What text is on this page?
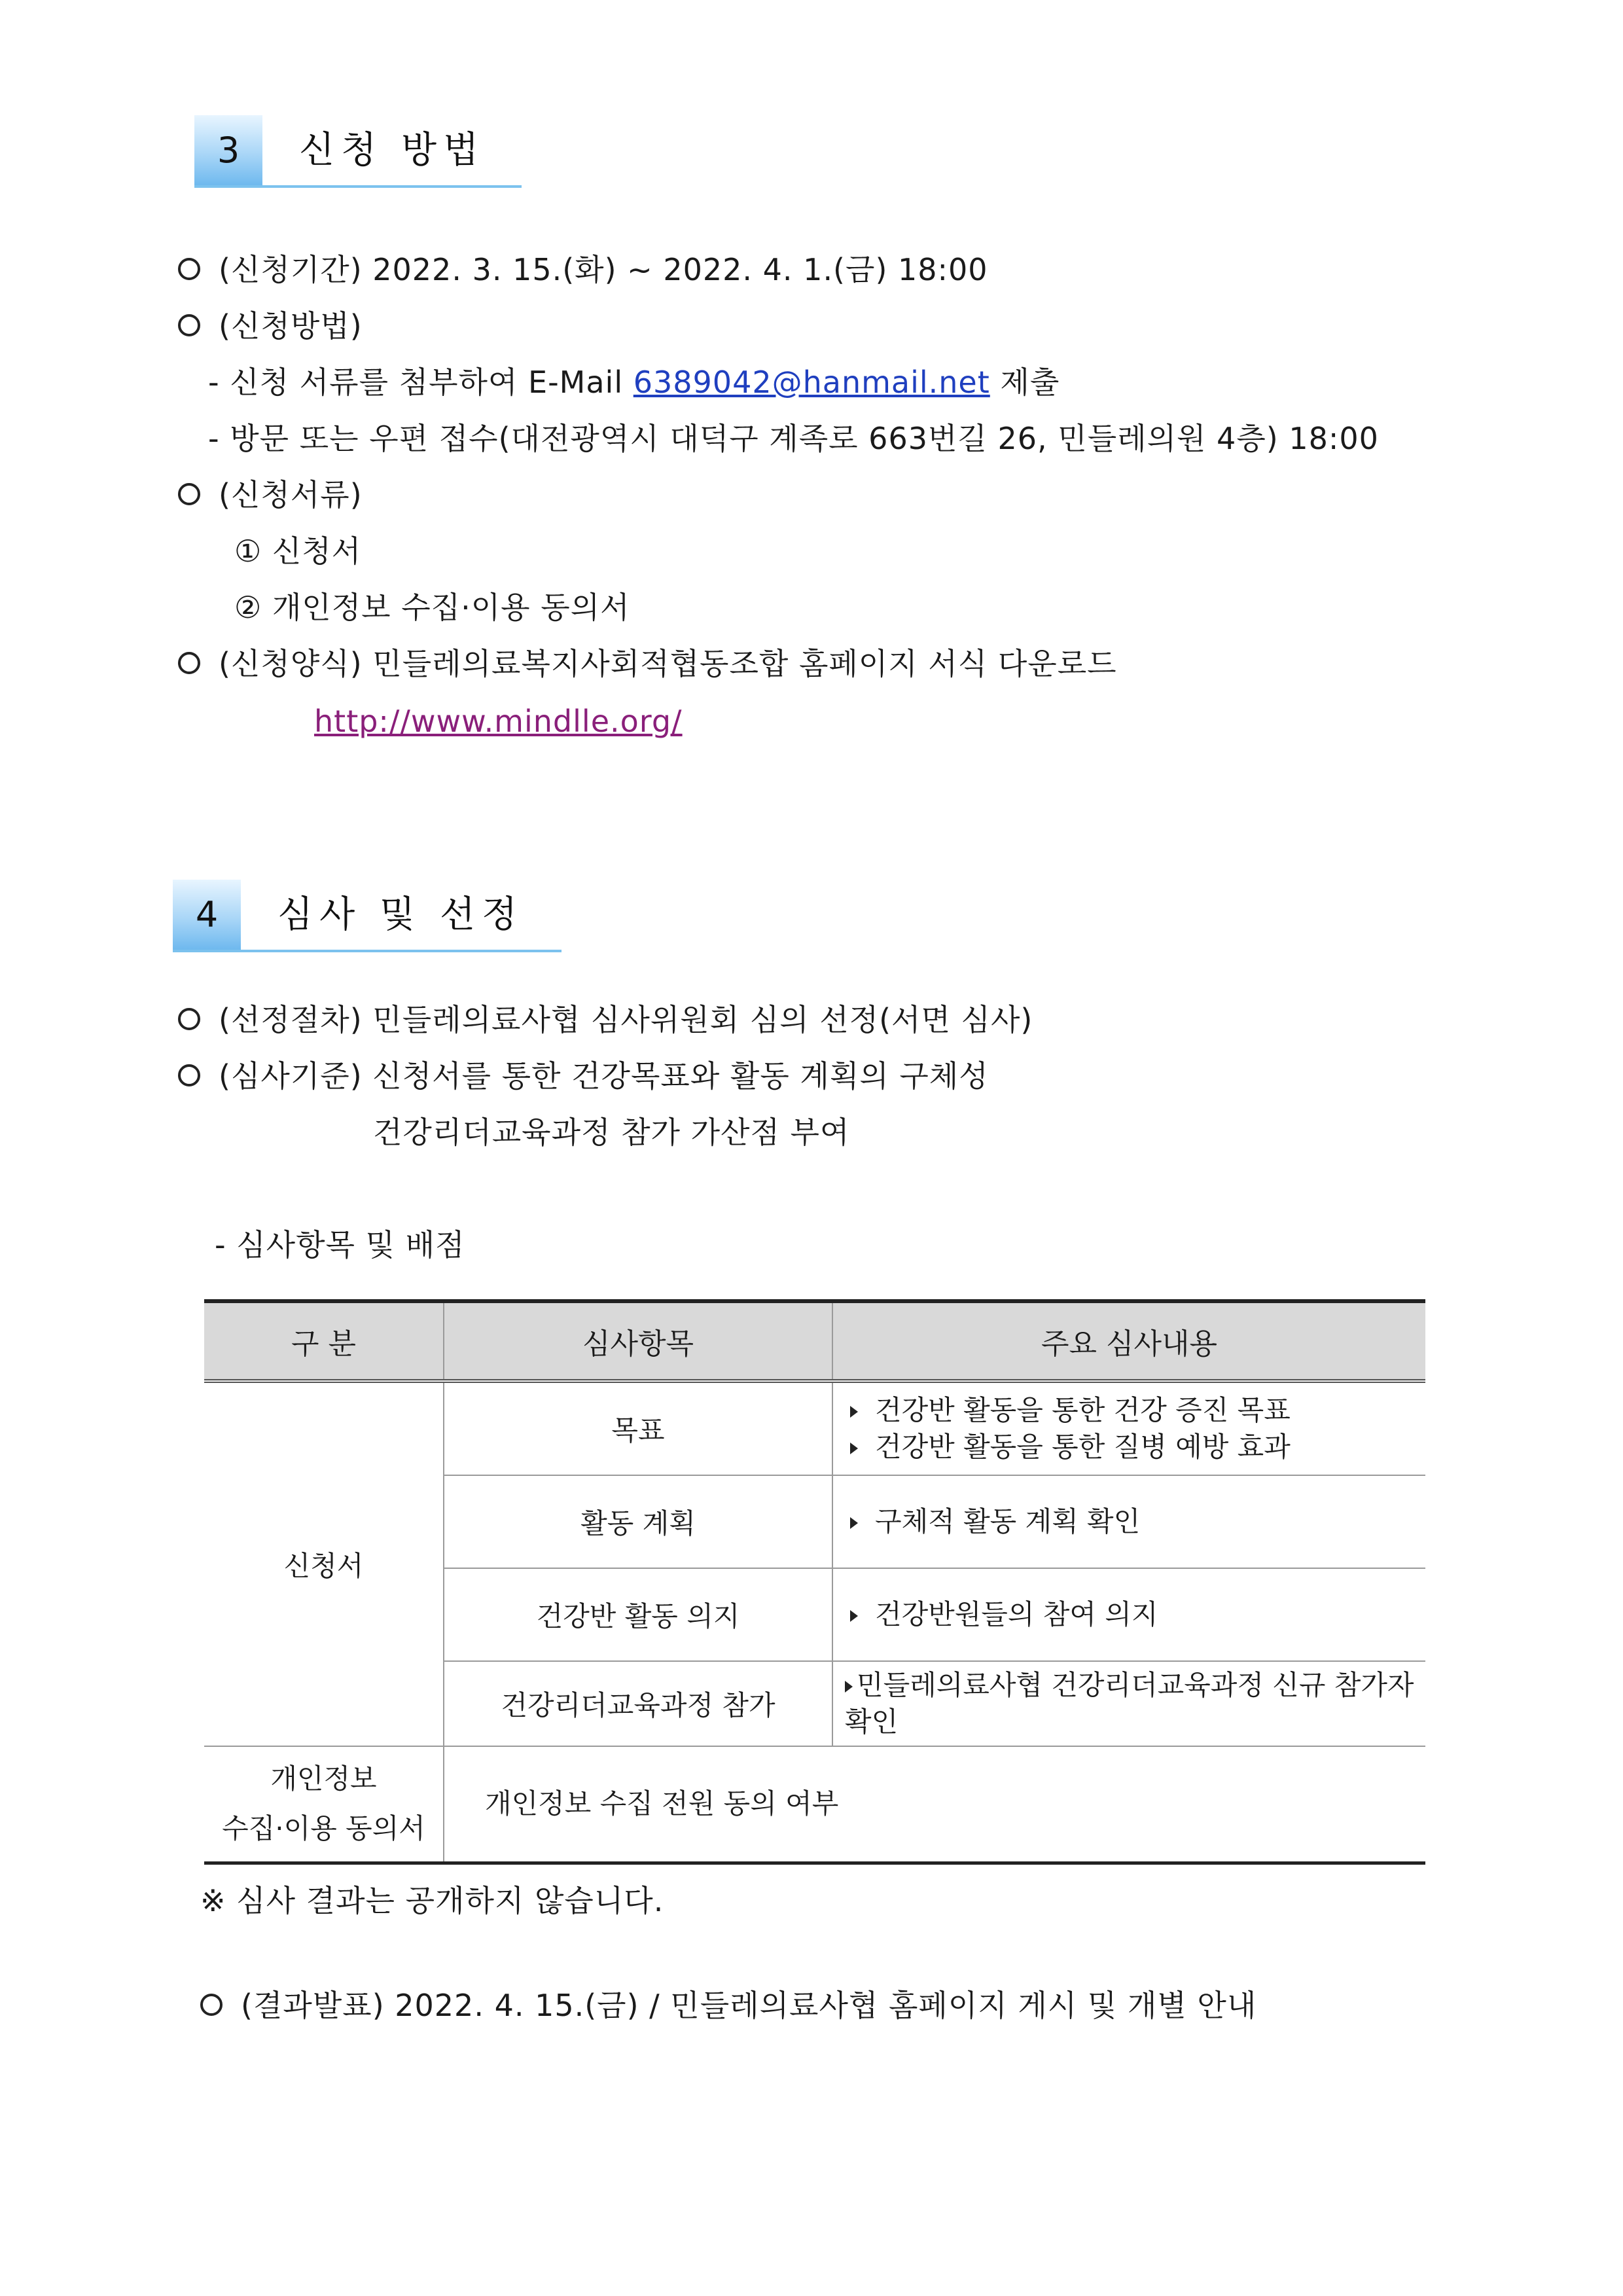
3	신청 방법
(신청기간) 2022. 3. 15.(화) ~ 2022. 4. 1.(금) 18:00
(신청방법)
- 신청 서류를 첨부하여 E-Mail 6389042@hanmail.net 제출
- 방문 또는 우편 접수(대전광역시 대덕구 계족로 663번길 26, 민들레의원 4층) 18:00
(신청서류)
① 신청서
② 개인정보 수집·이용 동의서
(신청양식) 민들레의료복지사회적협동조합 홈페이지 서식 다운로드
http://www.mindlle.org/
4	심사 및 선정
(선정절차) 민들레의료사협 심사위원회 심의 선정(서면 심사)
(심사기준) 신청서를 통한 건강목표와 활동 계획의 구체성
건강리더교육과정 참가 가산점 부여
- 심사항목 및 배점
구 분	심사항목	주요 심사내용
신청서	목표	건강반 활동을 통한 건강 증진 목표
건강반 활동을 통한 질병 예방 효과

	활동 계획	구체적 활동 계획 확인
	건강반 활동 의지	건강반원들의 참여 의지
	건강리더교육과정 참가	민들레의료사협 건강리더교육과정 신규 참가자 확인

개인정보
수집·이용 동의서	개인정보 수집 전원 동의 여부	
※ 심사 결과는 공개하지 않습니다.
(결과발표) 2022. 4. 15.(금) / 민들레의료사협 홈페이지 게시 및 개별 안내
